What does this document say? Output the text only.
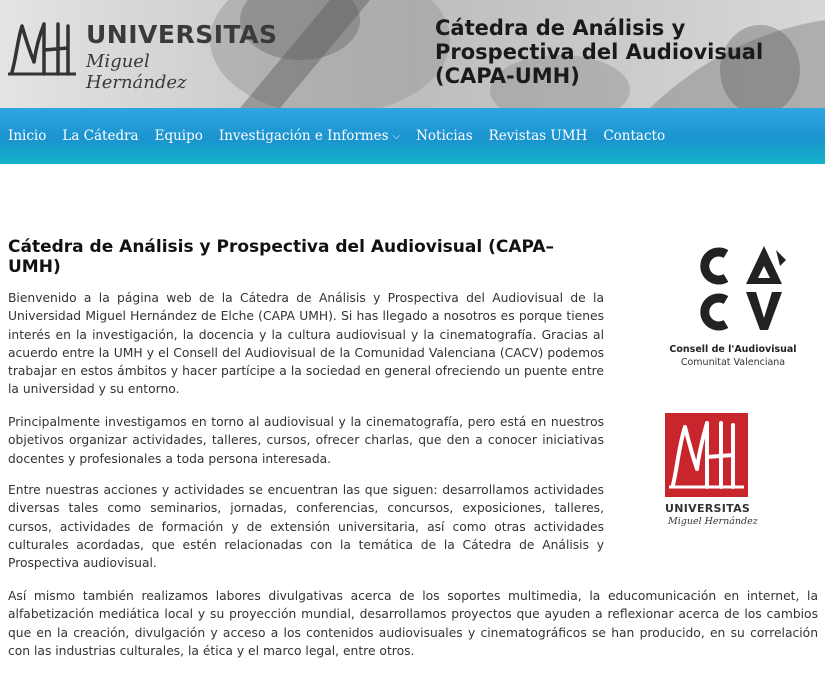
UNIVERSITAS
Miguel Hernández
Cátedra de Análisis y Prospectiva del Audiovisual (CAPA-UMH)
Inicio La Cátedra Equipo Investigación e Informes ⌵ Noticias Revistas UMH Contacto
Cátedra de Análisis y Prospectiva del Audiovisual (CAPA–UMH)

Bienvenido a la página web de la Cátedra de Análisis y Prospectiva del Audiovisual de la Universidad Miguel Hernández de Elche (CAPA UMH). Si has llegado a nosotros es porque tienes interés en la investigación, la docencia y la cultura audiovisual y la cinematografía. Gracias al acuerdo entre la UMH y el Consell del Audiovisual de la Comunidad Valenciana (CACV) podemos trabajar en estos ámbitos y hacer partícipe a la sociedad en general ofreciendo un puente entre la universidad y su entorno.

Principalmente investigamos en torno al audiovisual y la cinematografía, pero está en nuestros objetivos organizar actividades, talleres, cursos, ofrecer charlas, que den a conocer iniciativas docentes y profesionales a toda persona interesada.

Entre nuestras acciones y actividades se encuentran las que siguen: desarrollamos actividades diversas tales como seminarios, jornadas, conferencias, concursos, exposiciones, talleres, cursos, actividades de formación y de extensión universitaria, así como otras actividades culturales acordadas, que estén relacionadas con la temática de la Cátedra de Análisis y Prospectiva audiovisual.

Así mismo también realizamos labores divulgativas acerca de los soportes multimedia, la educomunicación en internet, la alfabetización mediática local y su proyección mundial, desarrollamos proyectos que ayuden a reflexionar acerca de los cambios que en la creación, divulgación y acceso a los contenidos audiovisuales y cinematográficos se han producido, en su correlación con las industrias culturales, la ética y el marco legal, entre otros.

Consell de l'Audiovisual
Comunitat Valenciana
UNIVERSITAS
Miguel Hernández
